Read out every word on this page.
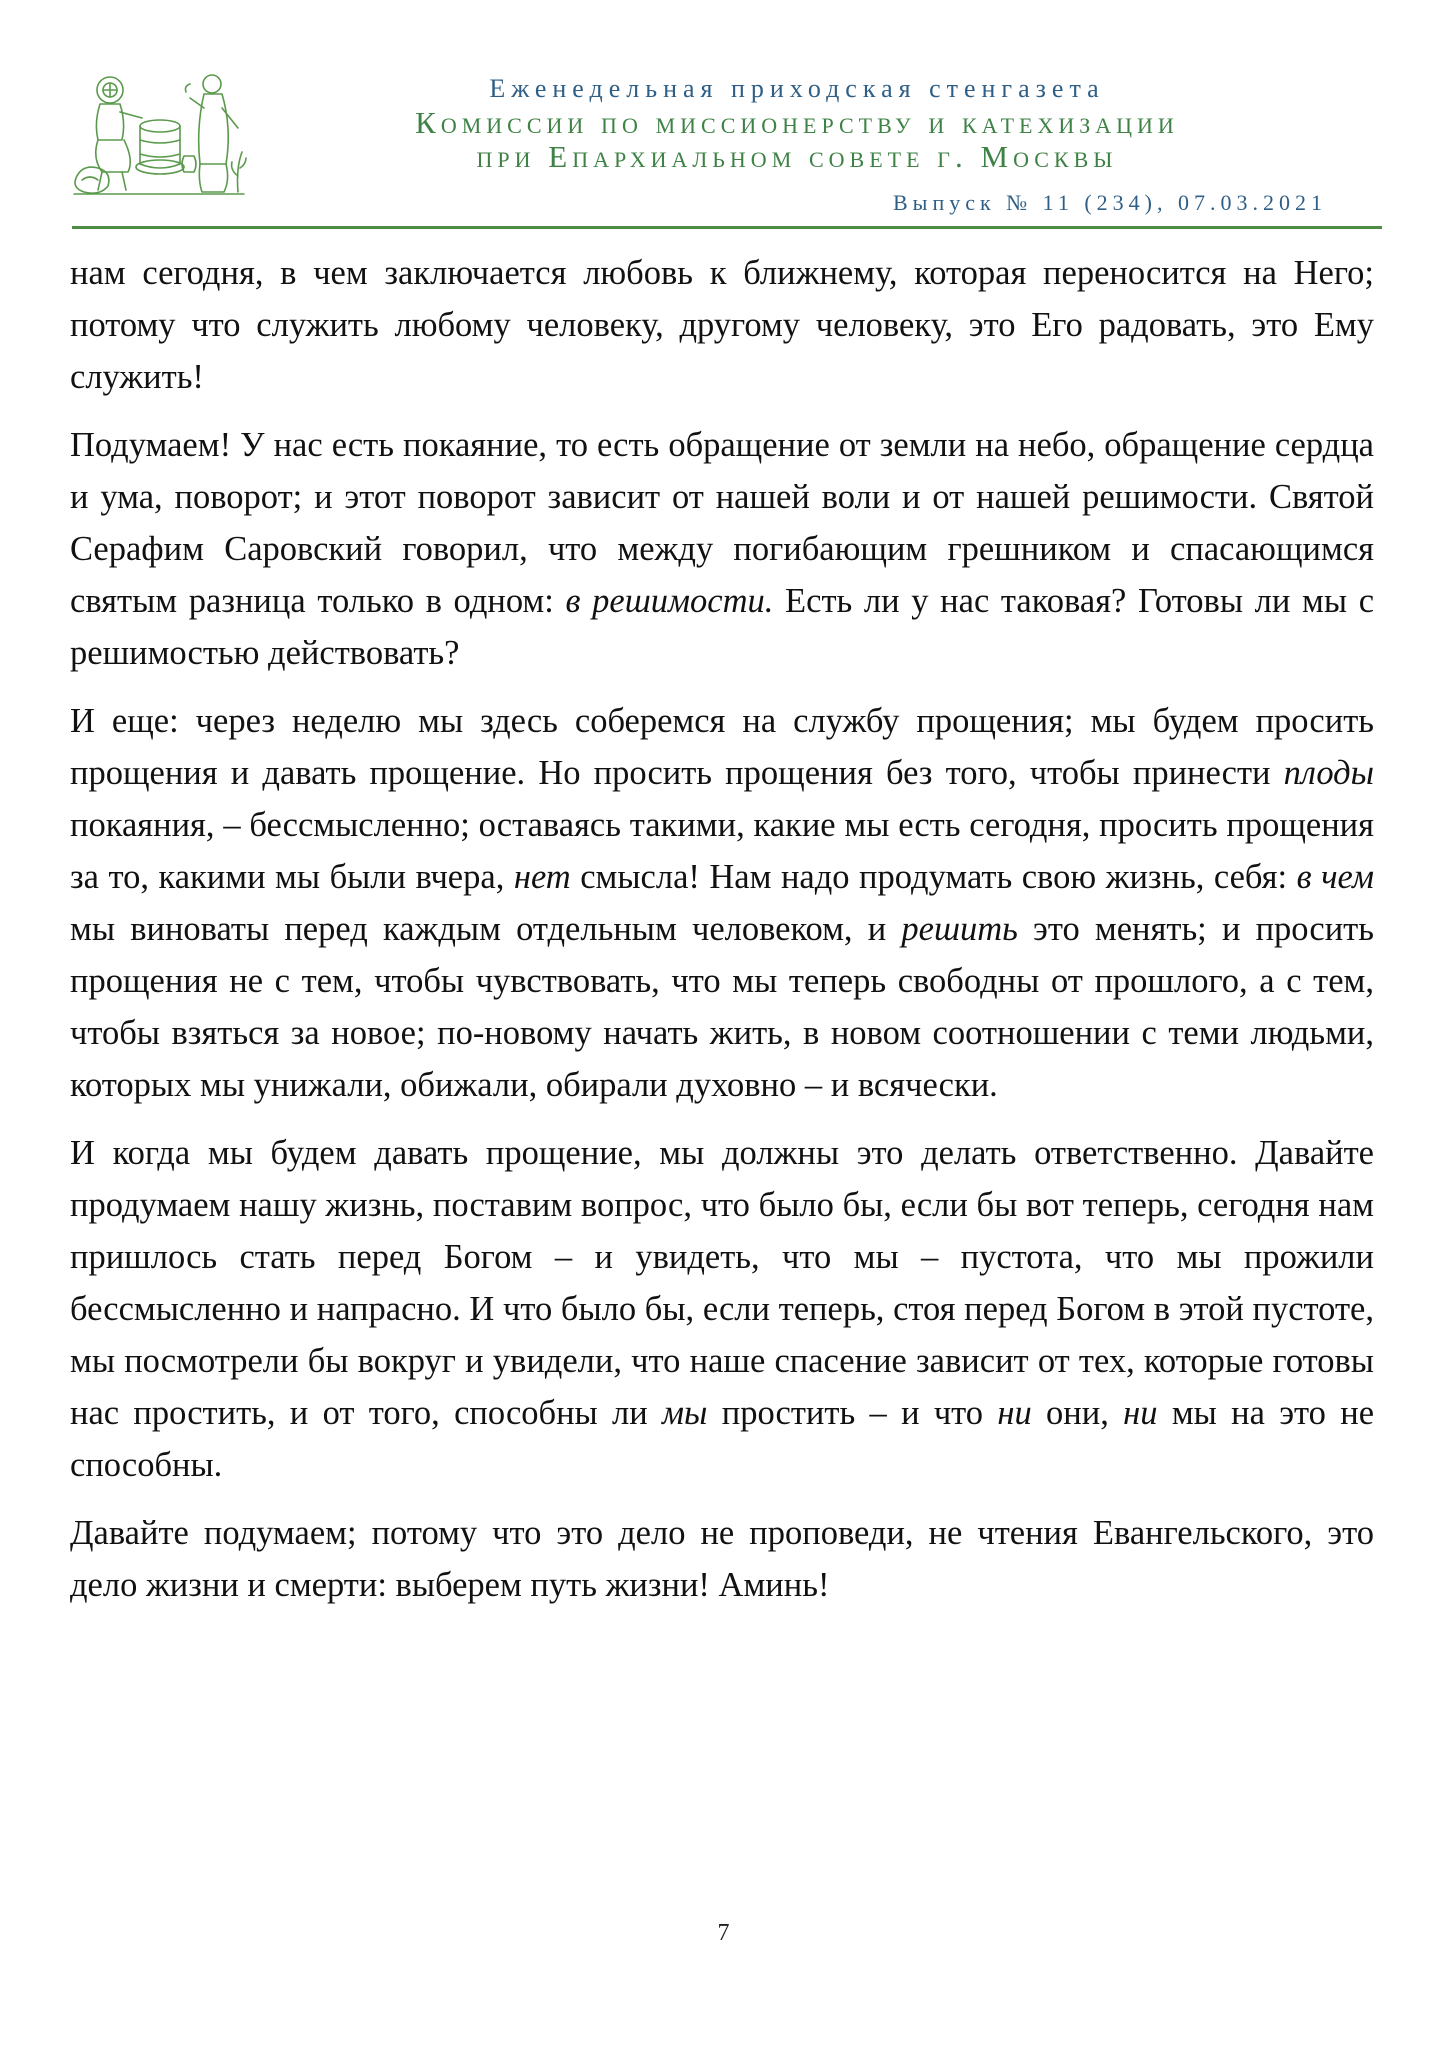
Еженедельная приходская стенгазета
Комиссии по миссионерству и катехизации
при Епархиальном совете г. Москвы
Выпуск № 11 (234), 07.03.2021

нам сегодня, в чем заключается любовь к ближнему, которая переносится на Него; потому что служить любому человеку, другому человеку, это Его радовать, это Ему служить!

Подумаем! У нас есть покаяние, то есть обращение от земли на небо, обращение сердца и ума, поворот; и этот поворот зависит от нашей воли и от нашей решимости. Святой Серафим Саровский говорил, что между погибающим грешником и спасающимся святым разница только в одном: в решимости. Есть ли у нас таковая? Готовы ли мы с решимостью действовать?

И еще: через неделю мы здесь соберемся на службу прощения; мы будем просить прощения и давать прощение. Но просить прощения без того, чтобы принести плоды покаяния, – бессмысленно; оставаясь такими, какие мы есть сегодня, просить прощения за то, какими мы были вчера, нет смысла! Нам надо продумать свою жизнь, себя: в чем мы виноваты перед каждым отдельным человеком, и решить это менять; и просить прощения не с тем, чтобы чувствовать, что мы теперь свободны от прошлого, а с тем, чтобы взяться за новое; по-новому начать жить, в новом соотношении с теми людьми, которых мы унижали, обижали, обирали духовно – и всячески.

И когда мы будем давать прощение, мы должны это делать ответственно. Давайте продумаем нашу жизнь, поставим вопрос, что было бы, если бы вот теперь, сегодня нам пришлось стать перед Богом – и увидеть, что мы – пустота, что мы прожили бессмысленно и напрасно. И что было бы, если теперь, стоя перед Богом в этой пустоте, мы посмотрели бы вокруг и увидели, что наше спасение зависит от тех, которые готовы нас простить, и от того, способны ли мы простить – и что ни они, ни мы на это не способны.

Давайте подумаем; потому что это дело не проповеди, не чтения Евангельского, это дело жизни и смерти: выберем путь жизни! Аминь!

7
